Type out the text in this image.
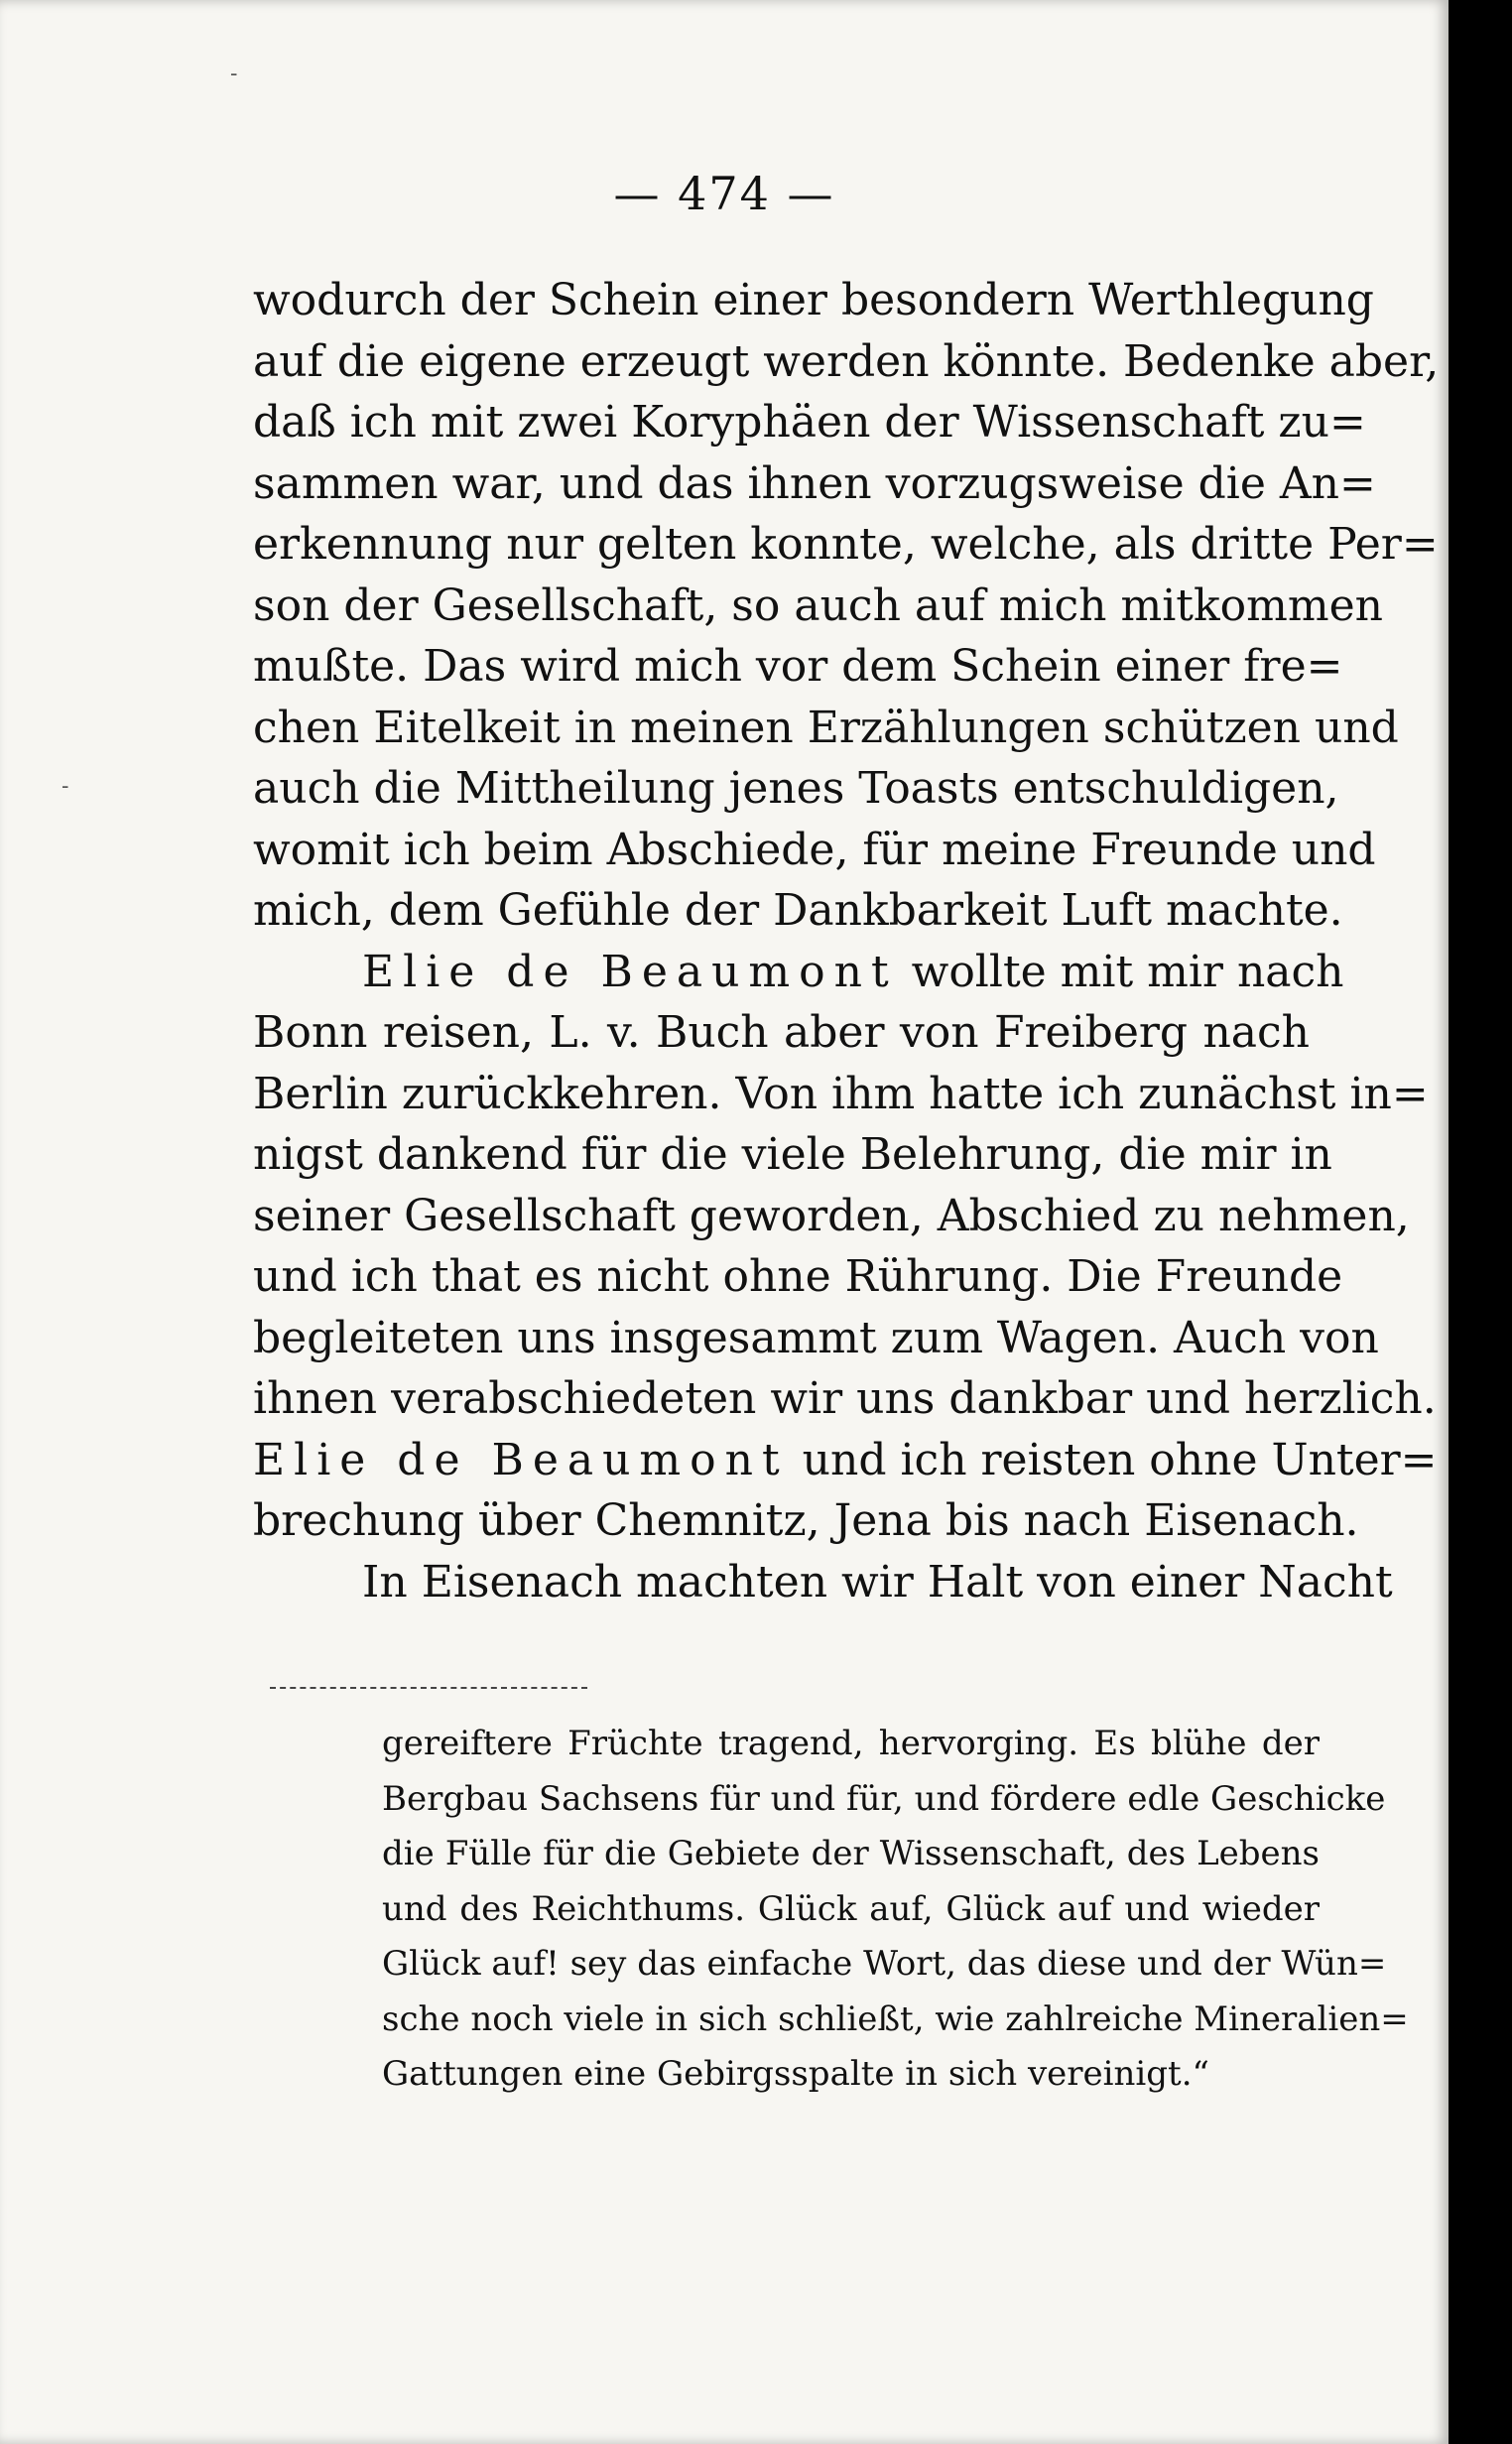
-
-
— 474 —
wodurch der Schein einer besondern Werthlegung
auf die eigene erzeugt werden könnte. Bedenke aber,
daß ich mit zwei Koryphäen der Wissenschaft zu=
sammen war, und das ihnen vorzugsweise die An=
erkennung nur gelten konnte, welche, als dritte Per=
son der Gesellschaft, so auch auf mich mitkommen
mußte. Das wird mich vor dem Schein einer fre=
chen Eitelkeit in meinen Erzählungen schützen und
auch die Mittheilung jenes Toasts entschuldigen,
womit ich beim Abschiede, für meine Freunde und
mich, dem Gefühle der Dankbarkeit Luft machte.
Elie de Beaumont wollte mit mir nach
Bonn reisen, L. v. Buch aber von Freiberg nach
Berlin zurückkehren. Von ihm hatte ich zunächst in=
nigst dankend für die viele Belehrung, die mir in
seiner Gesellschaft geworden, Abschied zu nehmen,
und ich that es nicht ohne Rührung. Die Freunde
begleiteten uns insgesammt zum Wagen. Auch von
ihnen verabschiedeten wir uns dankbar und herzlich.
Elie de Beaumont und ich reisten ohne Unter=
brechung über Chemnitz, Jena bis nach Eisenach.
In Eisenach machten wir Halt von einer Nacht
gereiftere Früchte tragend, hervorging. Es blühe der
Bergbau Sachsens für und für, und fördere edle Geschicke
die Fülle für die Gebiete der Wissenschaft, des Lebens
und des Reichthums. Glück auf, Glück auf und wieder
Glück auf! sey das einfache Wort, das diese und der Wün=
sche noch viele in sich schließt, wie zahlreiche Mineralien=
Gattungen eine Gebirgsspalte in sich vereinigt.“
